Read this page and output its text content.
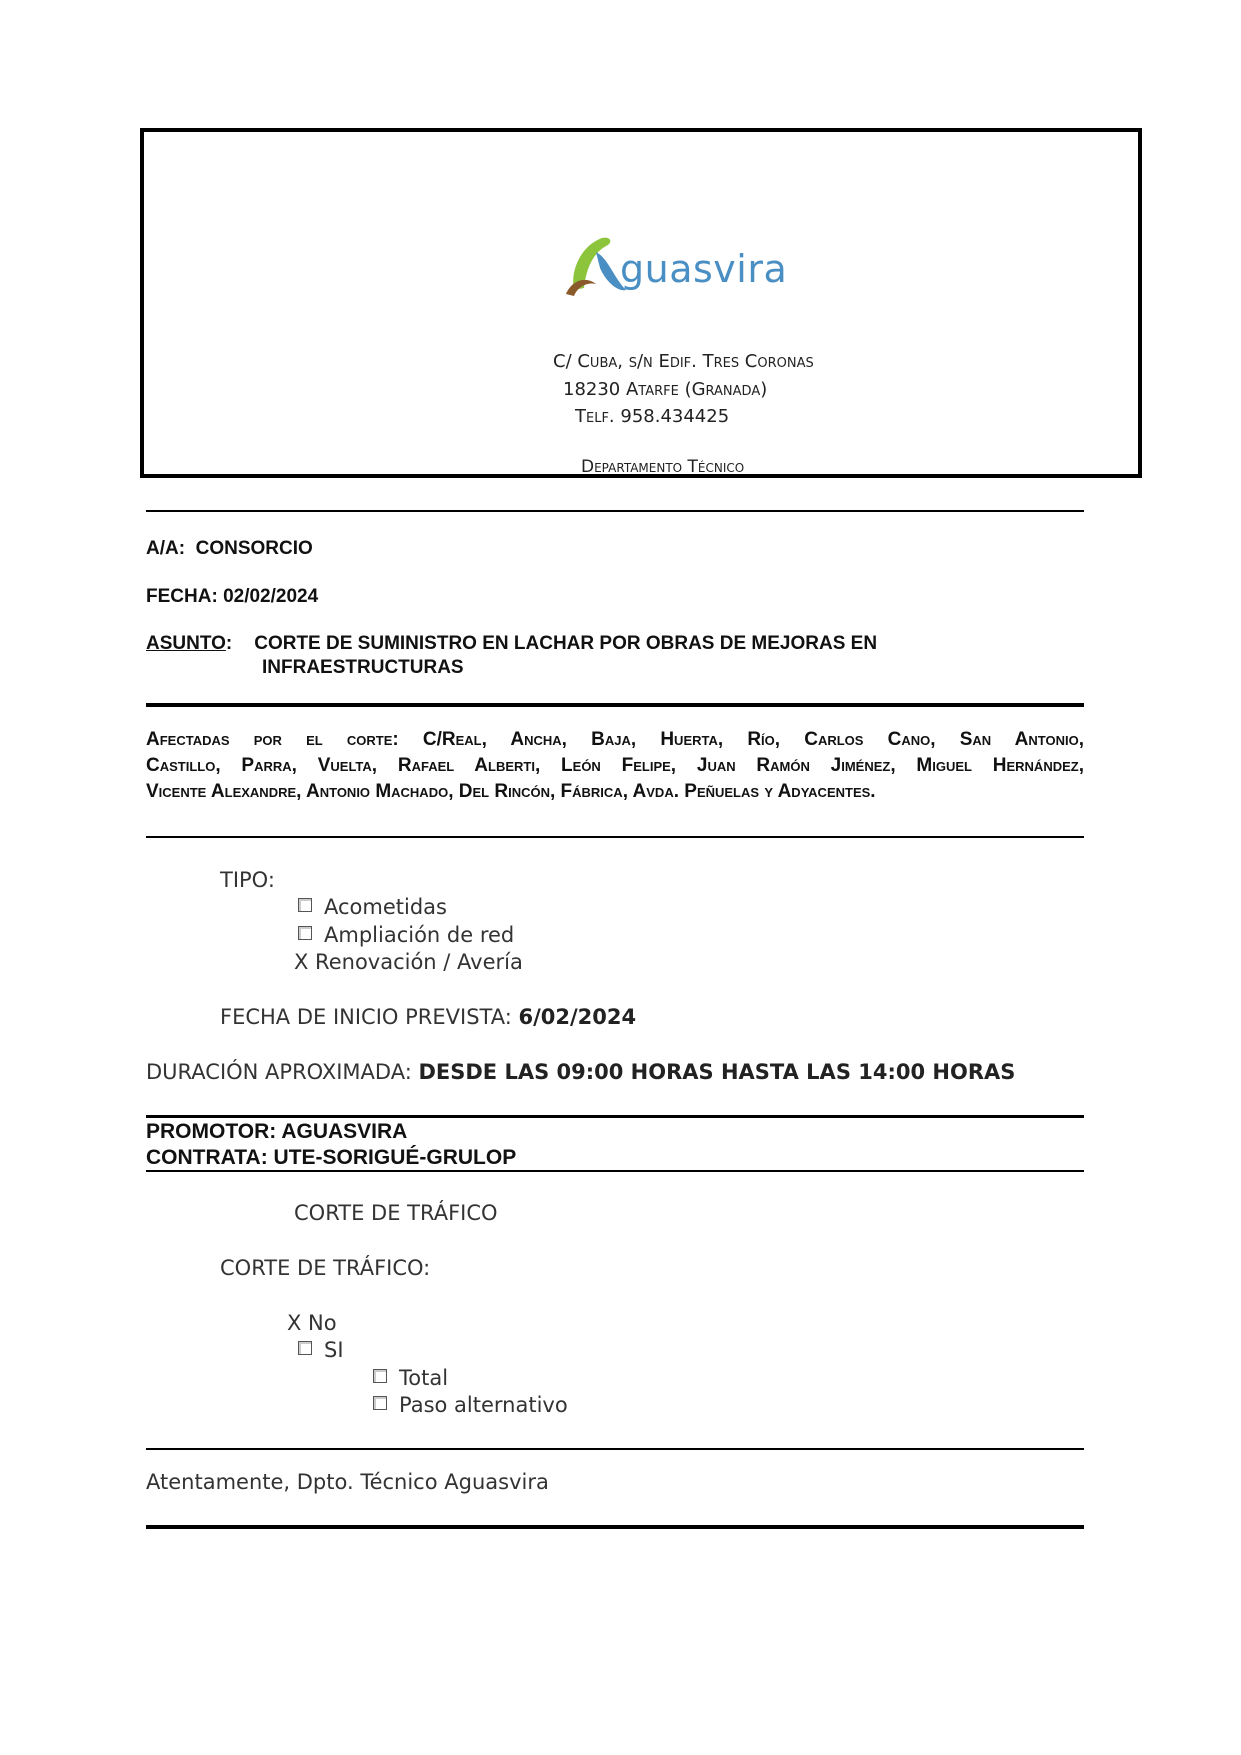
guasvira
C/ Cuba, s/n Edif. Tres Coronas
18230 Atarfe (Granada)
Telf. 958.434425
Departamento Técnico
A/A: CONSORCIO
FECHA: 02/02/2024
ASUNTO: CORTE DE SUMINISTRO EN LACHAR POR OBRAS DE MEJORAS EN
INFRAESTRUCTURAS
Afectadas por el corte: C/Real, Ancha, Baja, Huerta, Río, Carlos Cano, San Antonio,
Castillo, Parra, Vuelta, Rafael Alberti, León Felipe, Juan Ramón Jiménez, Miguel Hernández,
Vicente Alexandre, Antonio Machado, Del Rincón, Fábrica, Avda. Peñuelas y Adyacentes.
TIPO:
Acometidas
Ampliación de red
X Renovación / Avería
FECHA DE INICIO PREVISTA: 6/02/2024
DURACIÓN APROXIMADA: DESDE LAS 09:00 HORAS HASTA LAS 14:00 HORAS
PROMOTOR: AGUASVIRA
CONTRATA: UTE-SORIGUÉ-GRULOP
CORTE DE TRÁFICO
CORTE DE TRÁFICO:
X No
SI
Total
Paso alternativo
Atentamente, Dpto. Técnico Aguasvira
